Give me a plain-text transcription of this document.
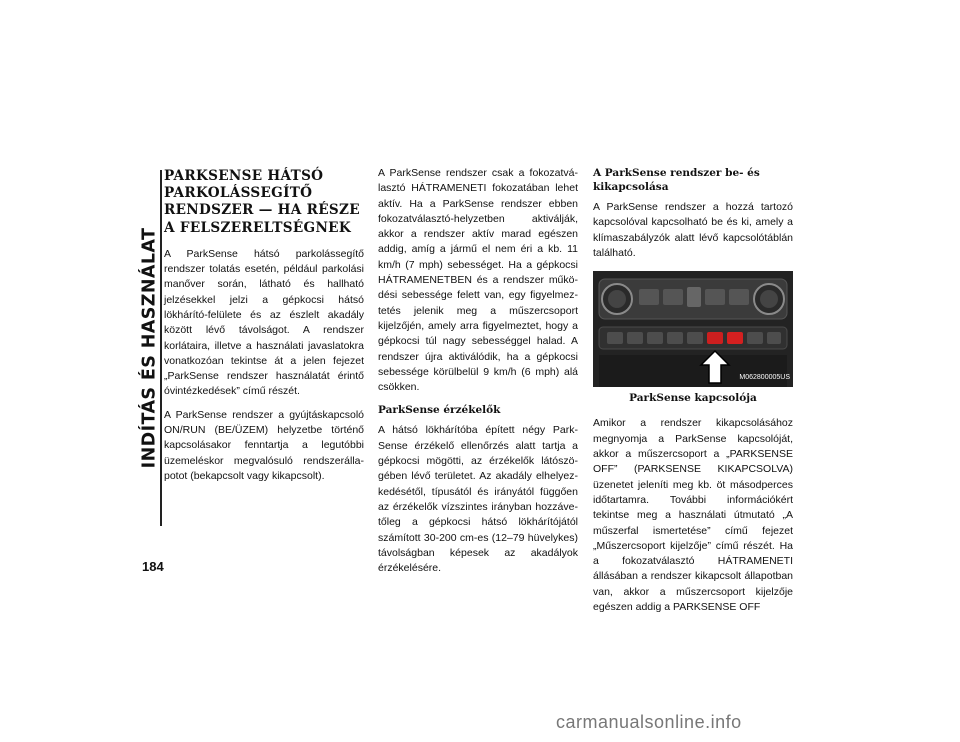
INDÍTÁS ÉS HASZNÁLAT
184
PARKSENSE HÁTSÓ PARKOLÁSSEGÍTŐ RENDSZER — HA RÉSZE A FELSZERELTSÉGNEK

A ParkSense hátsó parkolássegítő rendszer tolatás esetén, például parkolási manőver során, látható és hallható jelzésekkel jelzi a gépkocsi hátsó lökhárító-felülete és az észlelt akadály között lévő távolságot. A rendszer korlátaira, illetve a használati javaslatokra vonatkozóan tekintse át a jelen fejezet „ParkSense rendszer használatát érintő óvintézkedések” című részét.

A ParkSense rendszer a gyújtáskapcsoló ON/RUN (BE/ÜZEM) helyzetbe történő kapcsolásakor fenntartja a legutóbbi üzemeléskor megvalósuló rendszerállapotot (bekapcsolt vagy kikapcsolt).

A ParkSense rendszer csak a fokozatválasztó HÁTRAMENETI fokozatában lehet aktív. Ha a ParkSense rendszer ebben fokozatválasztó-helyzetben aktiválják, akkor a rendszer aktív marad egészen addig, amíg a jármű el nem éri a kb. 11 km/h (7 mph) sebességet. Ha a gépkocsi HÁTRAMENETBEN és a rendszer működési sebessége felett van, egy figyelmeztetés jelenik meg a műszercsoport kijelzőjén, amely arra figyelmeztet, hogy a gépkocsi túl nagy sebességgel halad. A rendszer újra aktiválódik, ha a gépkocsi sebessége körülbelül 9 km/h (6 mph) alá csökken.

ParkSense érzékelők

A hátsó lökhárítóba épített négy ParkSense érzékelő ellenőrzés alatt tartja a gépkocsi mögötti, az érzékelők látószögében lévő területet. Az akadály elhelyezkedésétől, típusától és irányától függően az érzékelők vízszintes irányban hozzávetőleg a gépkocsi hátsó lökhárítójától számított 30-200 cm-es (12–79 hüvelykes) távolságban képesek az akadályok érzékelésére.

A ParkSense rendszer be- és kikapcsolása

A ParkSense rendszer a hozzá tartozó kapcsolóval kapcsolható be és ki, amely a klímaszabályzók alatt lévő kapcsolótáblán található.

M062800005US
ParkSense kapcsolója

Amikor a rendszer kikapcsolásához megnyomja a ParkSense kapcsolóját, akkor a műszercsoport a „PARKSENSE OFF” (PARKSENSE KIKAPCSOLVA) üzenetet jeleníti meg kb. öt másodperces időtartamra. További információkért tekintse meg a használati útmutató „A műszerfal ismertetése” című fejezet „Műszercsoport kijelzője” című részét. Ha a fokozatválasztó HÁTRAMENETI állásában a rendszer kikapcsolt állapotban van, akkor a műszercsoport kijelzője egészen addig a PARKSENSE OFF

carmanualsonline.info
